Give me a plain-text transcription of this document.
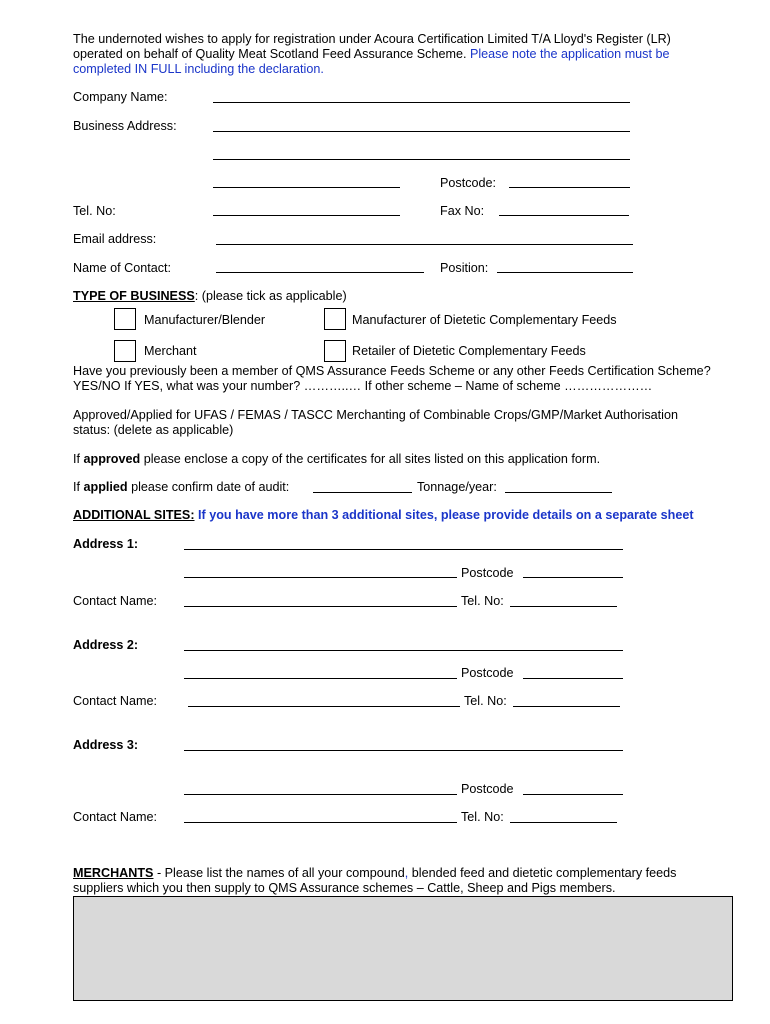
The undernoted wishes to apply for registration under Acoura Certification Limited T/A Lloyd's Register (LR)
operated on behalf of Quality Meat Scotland Feed Assurance Scheme. Please note the application must be
completed IN FULL including the declaration.
Company Name:
Business Address:
Postcode:
Tel. No:	Fax No:
Email address:
Name of Contact:	Position:
TYPE OF BUSINESS: (please tick as applicable)
Manufacturer/Blender	Manufacturer of Dietetic Complementary Feeds
Merchant	Retailer of Dietetic Complementary Feeds
Have you previously been a member of QMS Assurance Feeds Scheme or any other Feeds Certification Scheme?
YES/NO If YES, what was your number? ………..… If other scheme – Name of scheme …………………
Approved/Applied for UFAS / FEMAS / TASCC Merchanting of Combinable Crops/GMP/Market Authorisation
status: (delete as applicable)
If approved please enclose a copy of the certificates for all sites listed on this application form.
If applied please confirm date of audit:	Tonnage/year:
ADDITIONAL SITES: If you have more than 3 additional sites, please provide details on a separate sheet
Address 1:
Postcode
Contact Name:	Tel. No:
Address 2:
Postcode
Contact Name:	Tel. No:
Address 3:
Postcode
Contact Name:	Tel. No:
MERCHANTS - Please list the names of all your compound, blended feed and dietetic complementary feeds
suppliers which you then supply to QMS Assurance schemes – Cattle, Sheep and Pigs members.
